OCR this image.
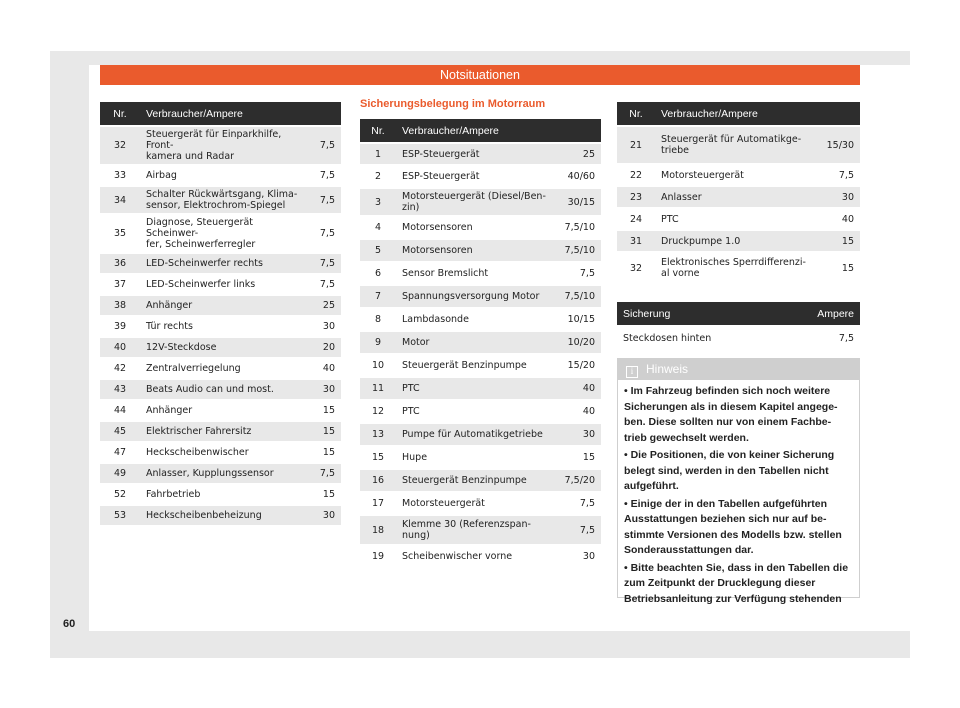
Notsituationen
Nr.	Verbraucher/Ampere	
32	Steuergerät für Einparkhilfe, Front-
kamera und Radar	7,5
33	Airbag	7,5
34	Schalter Rückwärtsgang, Klima-
sensor, Elektrochrom-Spiegel	7,5
35	Diagnose, Steuergerät Scheinwer-
fer, Scheinwerferregler	7,5
36	LED-Scheinwerfer rechts	7,5
37	LED-Scheinwerfer links	7,5
38	Anhänger	25
39	Tür rechts	30
40	12V-Steckdose	20
42	Zentralverriegelung	40
43	Beats Audio can und most.	30
44	Anhänger	15
45	Elektrischer Fahrersitz	15
47	Heckscheibenwischer	15
49	Anlasser, Kupplungssensor	7,5
52	Fahrbetrieb	15
53	Heckscheibenbeheizung	30
Sicherungsbelegung im Motorraum
Nr.	Verbraucher/Ampere	
1	ESP-Steuergerät	25
2	ESP-Steuergerät	40/60
3	Motorsteuergerät (Diesel/Ben-
zin)	30/15
4	Motorsensoren	7,5/10
5	Motorsensoren	7,5/10
6	Sensor Bremslicht	7,5
7	Spannungsversorgung Motor	7,5/10
8	Lambdasonde	10/15
9	Motor	10/20
10	Steuergerät Benzinpumpe	15/20
11	PTC	40
12	PTC	40
13	Pumpe für Automatikgetriebe	30
15	Hupe	15
16	Steuergerät Benzinpumpe	7,5/20
17	Motorsteuergerät	7,5
18	Klemme 30 (Referenzspan-
nung)	7,5
19	Scheibenwischer vorne	30
Nr.	Verbraucher/Ampere	
21	Steuergerät für Automatikge-
triebe	15/30
22	Motorsteuergerät	7,5
23	Anlasser	30
24	PTC	40
31	Druckpumpe 1.0	15
32	Elektronisches Sperrdifferenzi-
al vorne	15
Sicherung	Ampere
Steckdosen hinten	7,5
i Hinweis

• Im Fahrzeug befinden sich noch weitere Sicherungen als in diesem Kapitel angege-ben. Diese sollten nur von einem Fachbe-trieb gewechselt werden.

• Die Positionen, die von keiner Sicherung belegt sind, werden in den Tabellen nicht aufgeführt.

• Einige der in den Tabellen aufgeführten Ausstattungen beziehen sich nur auf be-stimmte Versionen des Modells bzw. stellen Sonderausstattungen dar.

• Bitte beachten Sie, dass in den Tabellen die zum Zeitpunkt der Drucklegung dieser Betriebsanleitung zur Verfügung stehenden

60
